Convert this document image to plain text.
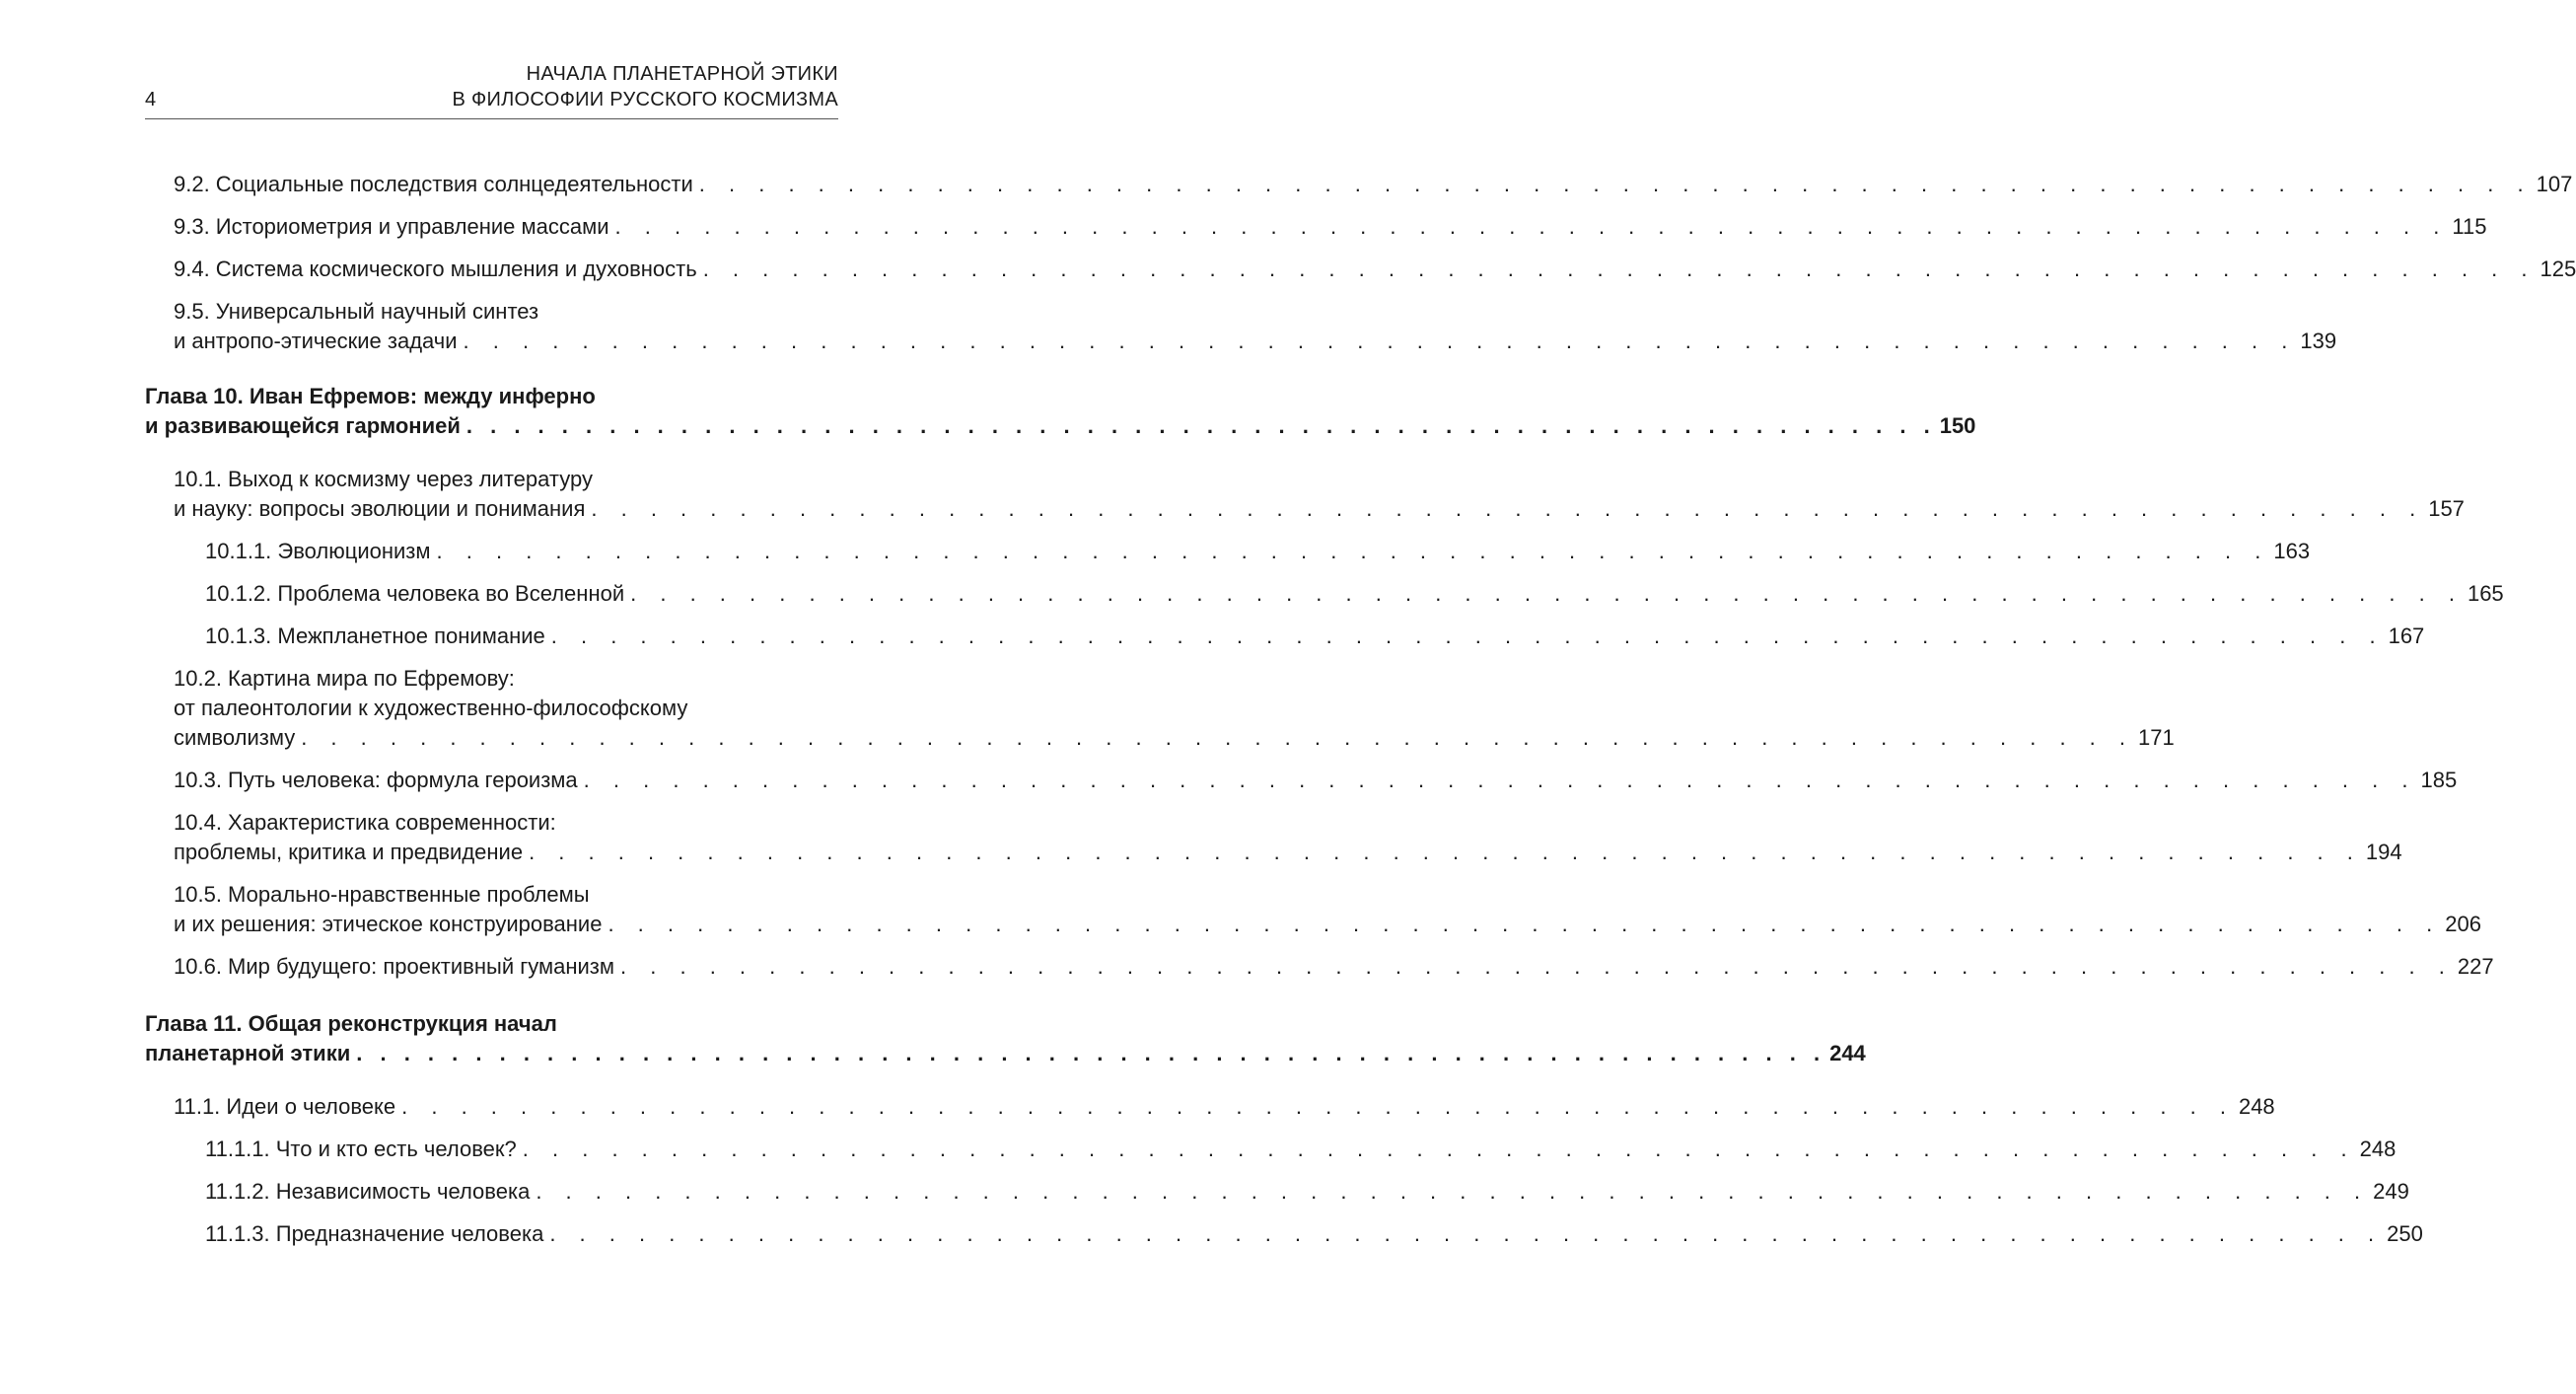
4
НАЧАЛА ПЛАНЕТАРНОЙ ЭТИКИ
В ФИЛОСОФИИ РУССКОГО КОСМИЗМА
9.2. Социальные последствия солнцедеятельности . . . . . . . . . . . . . . . . . . . . . . . . . . . . . . . . . . . . . . . . . . . . . . . . . . . . . . . . . . . . . . 107
9.3. Историометрия и управление массами . . . . . . . . . . . . . . . . . . . . . . . . . . . . . . . . . . . . . . . . . . . . . . . . . . . . . . . . . . . . . . 115
9.4. Система космического мышления и духовность . . . . . . . . . . . . . . . . . . . . . . . . . . . . . . . . . . . . . . . . . . . . . . . . . . . . . . . . . . . . . . 125
9.5. Универсальный научный синтез
и антропо-этические задачи . . . . . . . . . . . . . . . . . . . . . . . . . . . . . . . . . . . . . . . . . . . . . . . . . . . . . . . . . . . . . . 139
Глава 10. Иван Ефремов: между инферно
и развивающейся гармонией . . . . . . . . . . . . . . . . . . . . . . . . . . . . . . . . . . . . . . . . . . . . . . . . . . . . . . . . . . . . . . 150
10.1. Выход к космизму через литературу
и науку: вопросы эволюции и понимания . . . . . . . . . . . . . . . . . . . . . . . . . . . . . . . . . . . . . . . . . . . . . . . . . . . . . . . . . . . . . . 157
10.1.1. Эволюционизм . . . . . . . . . . . . . . . . . . . . . . . . . . . . . . . . . . . . . . . . . . . . . . . . . . . . . . . . . . . . . . 163
10.1.2. Проблема человека во Вселенной . . . . . . . . . . . . . . . . . . . . . . . . . . . . . . . . . . . . . . . . . . . . . . . . . . . . . . . . . . . . . . 165
10.1.3. Межпланетное понимание . . . . . . . . . . . . . . . . . . . . . . . . . . . . . . . . . . . . . . . . . . . . . . . . . . . . . . . . . . . . . . 167
10.2. Картина мира по Ефремову:
от палеонтологии к художественно-философскому
символизму . . . . . . . . . . . . . . . . . . . . . . . . . . . . . . . . . . . . . . . . . . . . . . . . . . . . . . . . . . . . . . 171
10.3. Путь человека: формула героизма . . . . . . . . . . . . . . . . . . . . . . . . . . . . . . . . . . . . . . . . . . . . . . . . . . . . . . . . . . . . . . 185
10.4. Характеристика современности:
проблемы, критика и предвидение . . . . . . . . . . . . . . . . . . . . . . . . . . . . . . . . . . . . . . . . . . . . . . . . . . . . . . . . . . . . . . 194
10.5. Морально-нравственные проблемы
и их решения: этическое конструирование . . . . . . . . . . . . . . . . . . . . . . . . . . . . . . . . . . . . . . . . . . . . . . . . . . . . . . . . . . . . . . 206
10.6. Мир будущего: проективный гуманизм . . . . . . . . . . . . . . . . . . . . . . . . . . . . . . . . . . . . . . . . . . . . . . . . . . . . . . . . . . . . . . 227
Глава 11. Общая реконструкция начал
планетарной этики . . . . . . . . . . . . . . . . . . . . . . . . . . . . . . . . . . . . . . . . . . . . . . . . . . . . . . . . . . . . . . 244
11.1. Идеи о человеке . . . . . . . . . . . . . . . . . . . . . . . . . . . . . . . . . . . . . . . . . . . . . . . . . . . . . . . . . . . . . . 248
11.1.1. Что и кто есть человек? . . . . . . . . . . . . . . . . . . . . . . . . . . . . . . . . . . . . . . . . . . . . . . . . . . . . . . . . . . . . . . 248
11.1.2. Независимость человека . . . . . . . . . . . . . . . . . . . . . . . . . . . . . . . . . . . . . . . . . . . . . . . . . . . . . . . . . . . . . . 249
11.1.3. Предназначение человека . . . . . . . . . . . . . . . . . . . . . . . . . . . . . . . . . . . . . . . . . . . . . . . . . . . . . . . . . . . . . . 250
